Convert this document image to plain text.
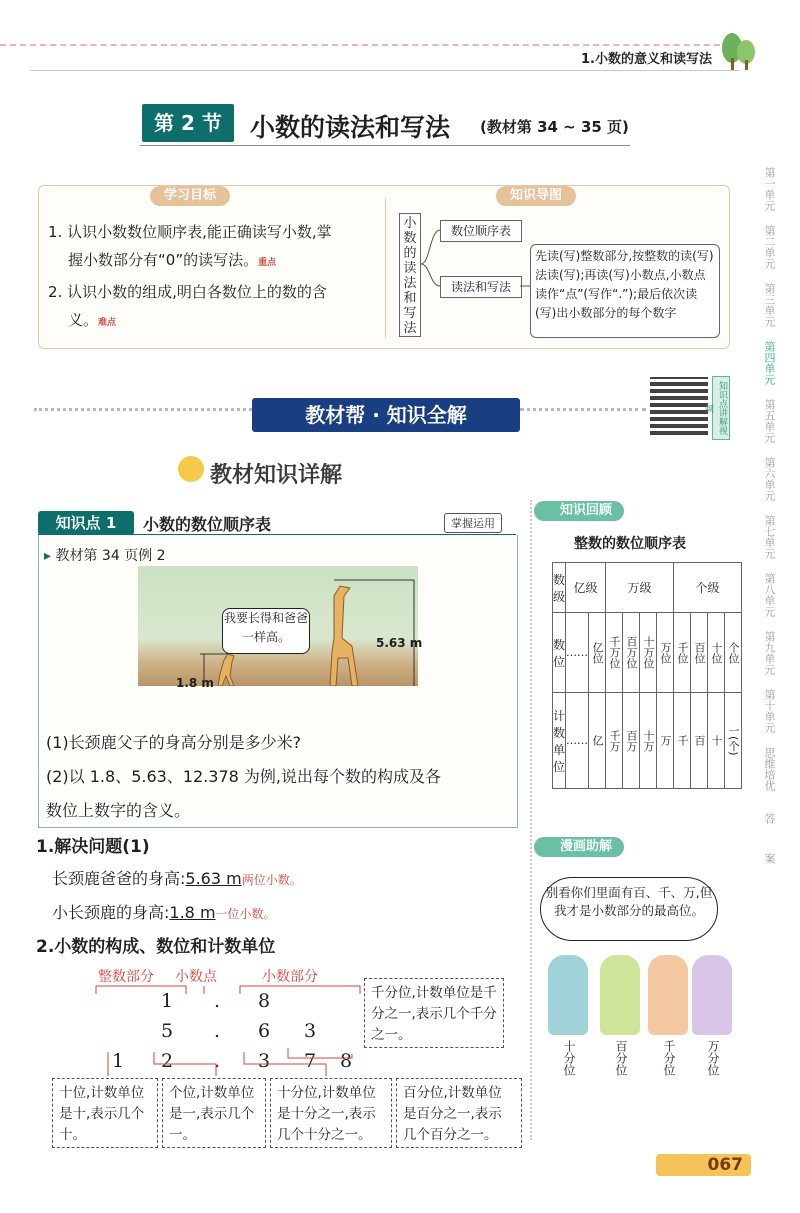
1.小数的意义和读写法
第 2 节	小数的读法和写法 (教材第 34 ~ 35 页)
学习目标
1. 认识小数数位顺序表,能正确读写小数,掌
握小数部分有“0”的读写法。重点
2. 认识小数的组成,明白各数位上的数的含
义。难点
知识导图
小数的读法和写法
数位顺序表
读法和写法
先读(写)整数部分,按整数的读(写)法读(写);再读(写)小数点,小数点读作“点”(写作“.”);最后依次读(写)出小数部分的每个数字
教材帮 · 知识全解	知识点讲解视频
第一单元
第二单元
第三单元
第四单元
第五单元
第六单元
第七单元
第八单元
第九单元
第十单元
思维培优
答
案
教材知识详解
知识点 1	小数的数位顺序表	掌握运用
▸ 教材第 34 页例 2
5.63 m
1.8 m
我要长得和爸爸一样高。
(1)长颈鹿父子的身高分别是多少米?
(2)以 1.8、5.63、12.378 为例,说出每个数的构成及各
数位上数字的含义。
1.解决问题(1)
长颈鹿爸爸的身高:5.63 m两位小数。
小长颈鹿的身高:1.8 m一位小数。
2.小数的构成、数位和计数单位
整数部分 小数点	小数部分
1	.	8
5	.	6	3
1	2	.	3	7	8
千分位,计数单位是千分之一,表示几个千分之一。
十位,计数单位是十,表示几个十。
个位,计数单位是一,表示几个一。
十分位,计数单位是十分之一,表示几个十分之一。
百分位,计数单位是百分之一,表示几个百分之一。
知识回顾
整数的数位顺序表
数级	亿级		万级				个级			
数位	……	亿位	千万位	百万位	十万位	万位	千位	百位	十位	个位
计数单位	……	亿	千万	百万	十万	万	千	百	十	一(个)
漫画助解
别看你们里面有百、千、万,但我才是小数部分的最高位。
十分位	百分位	千分位	万分位
067
